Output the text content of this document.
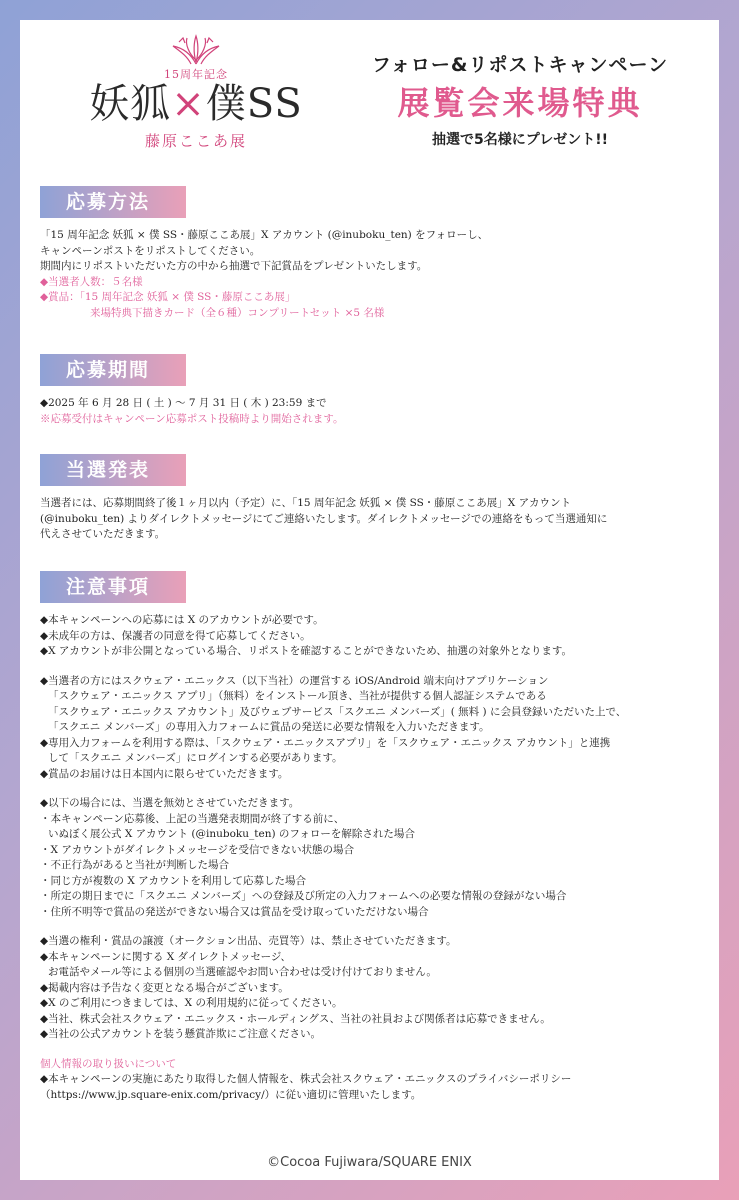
15周年記念
妖狐×僕SS
藤原ここあ展
フォロー&リポストキャンペーン
展覧会来場特典
抽選で5名様にプレゼント!!
応募方法
「15 周年記念 妖狐 × 僕 SS・藤原ここあ展」X アカウント (@inuboku_ten) をフォローし、
キャンペーンポストをリポストしてください。
期間内にリポストいただいた方の中から抽選で下記賞品をプレゼントいたします。
◆当選者人数：５名様
◆賞品：「15 周年記念 妖狐 × 僕 SS・藤原ここあ展」
来場特典下描きカード（全６種）コンプリートセット ×5 名様
応募期間
◆2025 年 6 月 28 日 ( 土 ) ～ 7 月 31 日 ( 木 ) 23:59 まで
※応募受付はキャンペーン応募ポスト投稿時より開始されます。
当選発表
当選者には、応募期間終了後１ヶ月以内（予定）に、「15 周年記念 妖狐 × 僕 SS・藤原ここあ展」X アカウント
(@inuboku_ten) よりダイレクトメッセージにてご連絡いたします。ダイレクトメッセージでの連絡をもって当選通知に
代えさせていただきます。
注意事項
◆本キャンペーンへの応募には X のアカウントが必要です。
◆未成年の方は、保護者の同意を得て応募してください。
◆X アカウントが非公開となっている場合、リポストを確認することができないため、抽選の対象外となります。
◆当選者の方にはスクウェア・エニックス（以下当社）の運営する iOS/Android 端末向けアプリケーション
「スクウェア・エニックス アプリ」（無料）をインストール頂き、当社が提供する個人認証システムである
「スクウェア・エニックス アカウント」及びウェブサービス「スクエニ メンバーズ」( 無料 ) に会員登録いただいた上で、
「スクエニ メンバーズ」の専用入力フォームに賞品の発送に必要な情報を入力いただきます。
◆専用入力フォームを利用する際は、「スクウェア・エニックスアプリ」を「スクウェア・エニックス アカウント」と連携
して「スクエニ メンバーズ」にログインする必要があります。
◆賞品のお届けは日本国内に限らせていただきます。
◆以下の場合には、当選を無効とさせていただきます。
・本キャンペーン応募後、上記の当選発表期間が終了する前に、
いぬぼく展公式 X アカウント (@inuboku_ten) のフォローを解除された場合
・X アカウントがダイレクトメッセージを受信できない状態の場合
・不正行為があると当社が判断した場合
・同じ方が複数の X アカウントを利用して応募した場合
・所定の期日までに「スクエニ メンバーズ」への登録及び所定の入力フォームへの必要な情報の登録がない場合
・住所不明等で賞品の発送ができない場合又は賞品を受け取っていただけない場合
◆当選の権利・賞品の譲渡（オークション出品、売買等）は、禁止させていただきます。
◆本キャンペーンに関する X ダイレクトメッセージ、
お電話やメール等による個別の当選確認やお問い合わせは受け付けておりません。
◆掲載内容は予告なく変更となる場合がございます。
◆X のご利用につきましては、X の利用規約に従ってください。
◆当社、株式会社スクウェア・エニックス・ホールディングス、当社の社員および関係者は応募できません。
◆当社の公式アカウントを装う懸賞詐欺にご注意ください。
個人情報の取り扱いについて
◆本キャンペーンの実施にあたり取得した個人情報を、株式会社スクウェア・エニックスのプライバシーポリシー
（https://www.jp.square-enix.com/privacy/）に従い適切に管理いたします。
©Cocoa Fujiwara/SQUARE ENIX
